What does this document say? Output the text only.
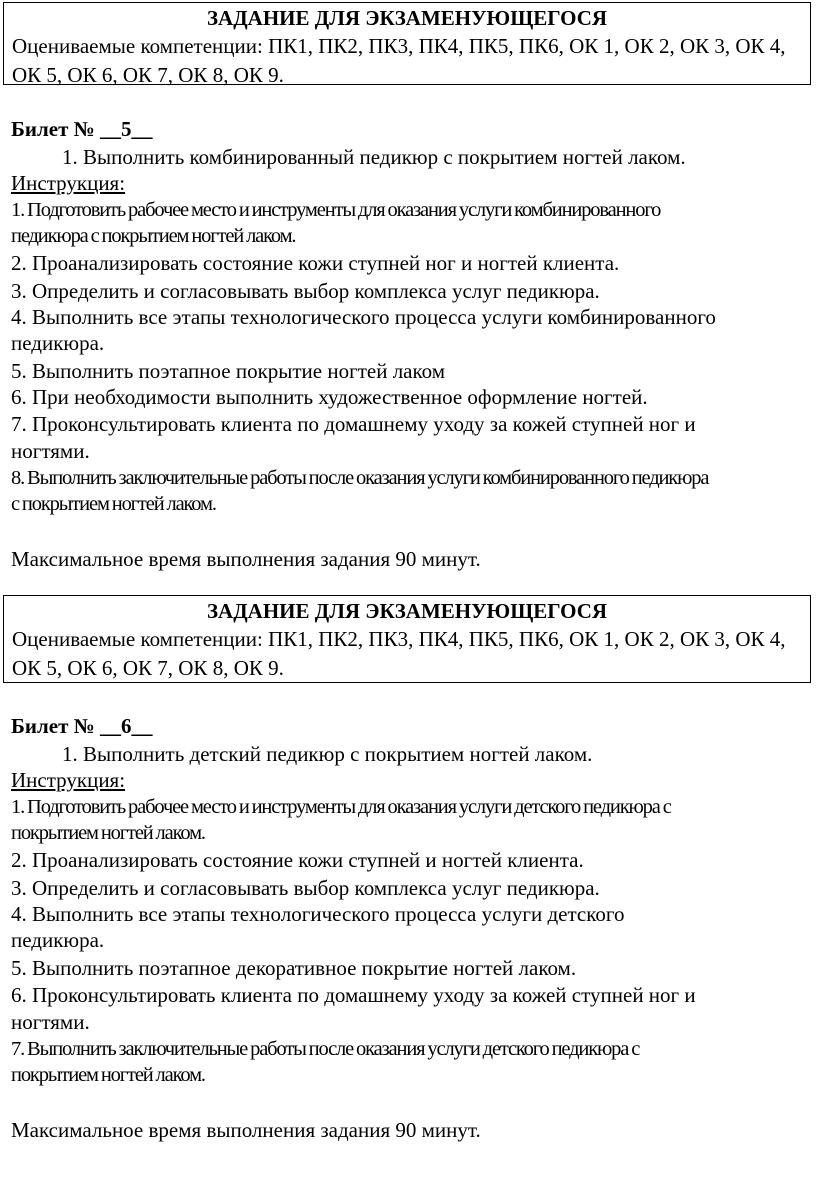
ЗАДАНИЕ ДЛЯ ЭКЗАМЕНУЮЩЕГОСЯ
Оцениваемые компетенции: ПК1, ПК2, ПК3, ПК4, ПК5, ПК6, ОК 1, ОК 2, ОК 3, ОК 4, ОК 5, ОК 6, ОК 7, ОК 8, ОК 9.
Билет № __5__
1. Выполнить комбинированный педикюр с покрытием ногтей лаком.
Инструкция:
1. Подготовить рабочее место и инструменты для оказания услуги комбинированного
педикюра с покрытием ногтей лаком.
2. Проанализировать состояние кожи ступней ног и ногтей клиента.
3. Определить и согласовывать выбор комплекса услуг педикюра.
4. Выполнить все этапы технологического процесса услуги комбинированного
педикюра.
5. Выполнить поэтапное покрытие ногтей лаком
6. При необходимости выполнить художественное оформление ногтей.
7. Проконсультировать клиента по домашнему уходу за кожей ступней ног и
ногтями.
8. Выполнить заключительные работы после оказания услуги комбинированного педикюра
с покрытием ногтей лаком.
Максимальное время выполнения задания 90 минут.
ЗАДАНИЕ ДЛЯ ЭКЗАМЕНУЮЩЕГОСЯ
Оцениваемые компетенции: ПК1, ПК2, ПК3, ПК4, ПК5, ПК6, ОК 1, ОК 2, ОК 3, ОК 4, ОК 5, ОК 6, ОК 7, ОК 8, ОК 9.
Билет № __6__
1. Выполнить детский педикюр с покрытием ногтей лаком.
Инструкция:
1. Подготовить рабочее место и инструменты для оказания услуги детского педикюра с
покрытием ногтей лаком.
2. Проанализировать состояние кожи ступней и ногтей клиента.
3. Определить и согласовывать выбор комплекса услуг педикюра.
4. Выполнить все этапы технологического процесса услуги детского
педикюра.
5. Выполнить поэтапное декоративное покрытие ногтей лаком.
6. Проконсультировать клиента по домашнему уходу за кожей ступней ног и
ногтями.
7. Выполнить заключительные работы после оказания услуги детского педикюра с
покрытием ногтей лаком.
Максимальное время выполнения задания 90 минут.
